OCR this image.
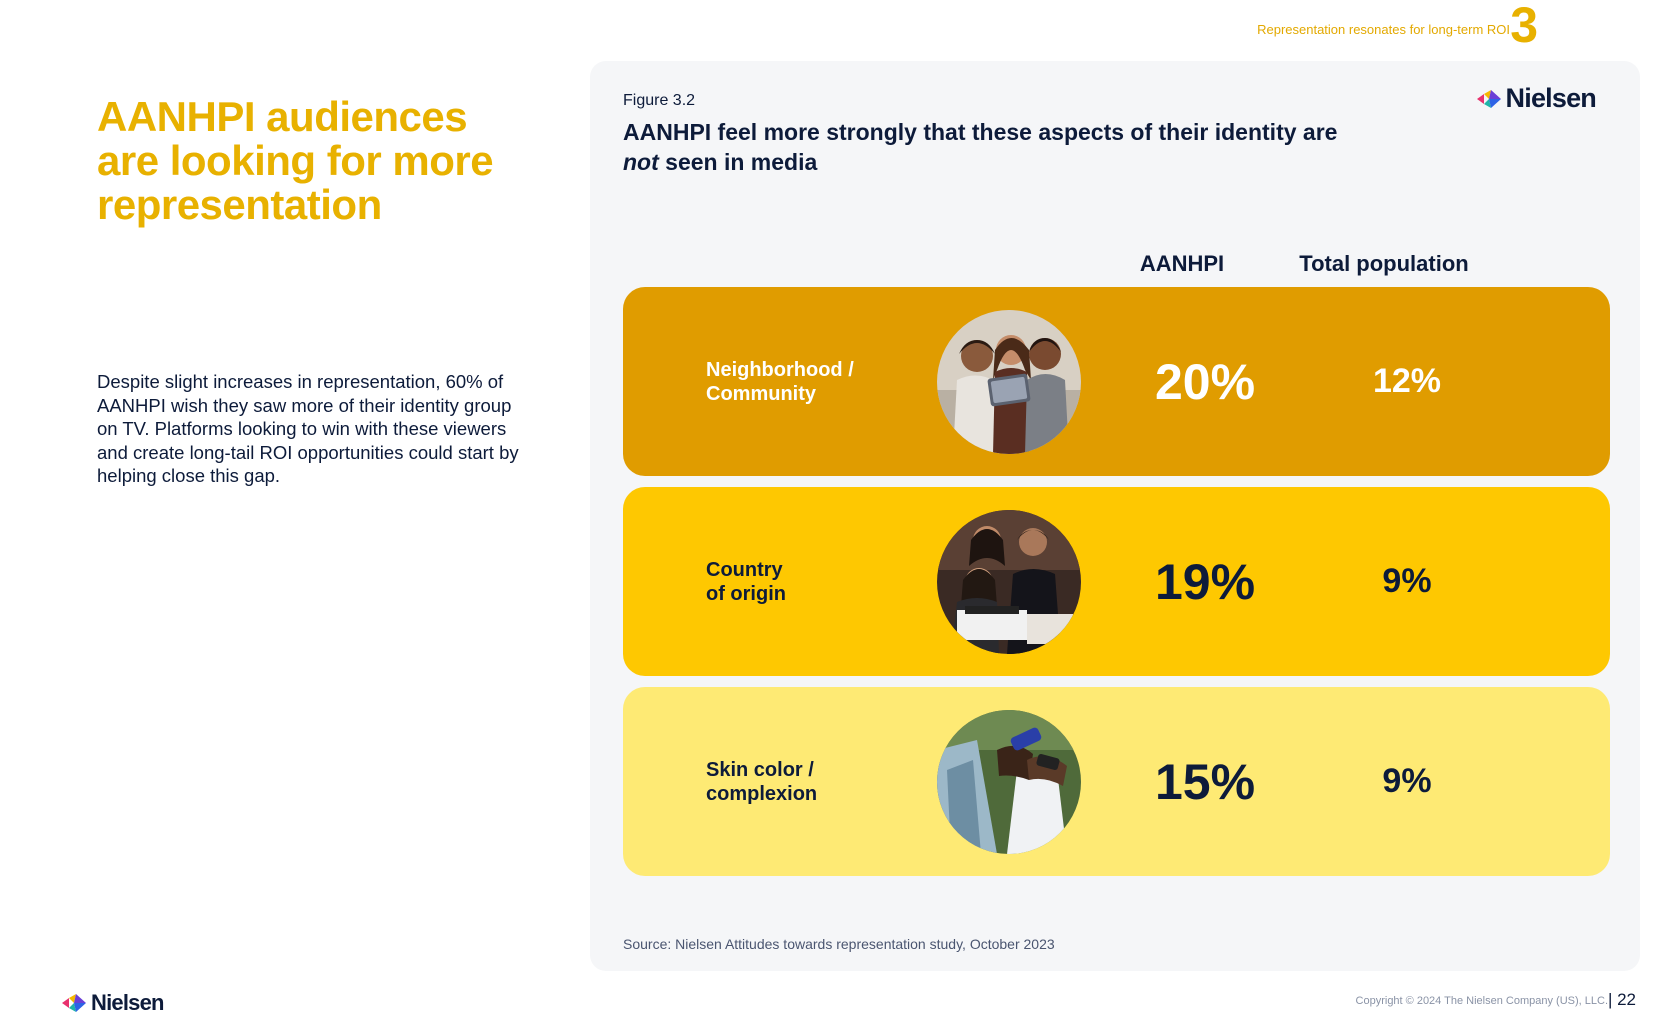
Representation resonates for long-term ROI 3
AANHPI audiences are looking for more representation
Despite slight increases in representation, 60% of AANHPI wish they saw more of their identity group on TV. Platforms looking to win with these viewers and create long-tail ROI opportunities could start by helping close this gap.
Figure 3.2
AANHPI feel more strongly that these aspects of their identity are not seen in media
Nielsen
AANHPI	Total population
Neighborhood /
Community	20%	12%
Country
of origin	19%	9%
Skin color /
complexion	15%	9%
Source: Nielsen Attitudes towards representation study, October 2023
Nielsen	Copyright © 2024 The Nielsen Company (US), LLC. | 22
